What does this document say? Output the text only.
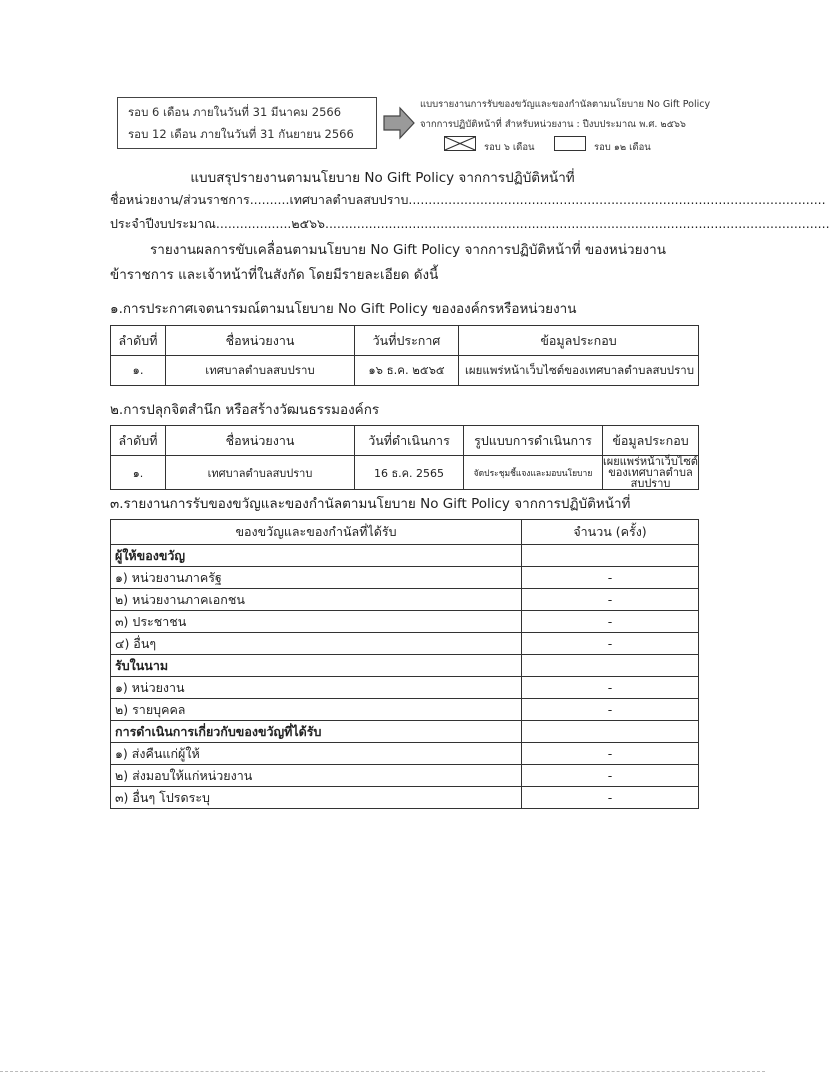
รอบ 6 เดือน ภายในวันที่ 31 มีนาคม 2566
รอบ 12 เดือน ภายในวันที่ 31 กันยายน 2566
แบบรายงานการรับของขวัญและของกำนัลตามนโยบาย No Gift Policy
จากการปฏิบัติหน้าที่ สำหรับหน่วยงาน : ปีงบประมาณ พ.ศ. ๒๕๖๖
รอบ ๖ เดือน	รอบ ๑๒ เดือน
แบบสรุปรายงานตามนโยบาย No Gift Policy จากการปฏิบัติหน้าที่
ชื่อหน่วยงาน/ส่วนราชการ..........เทศบาลตำบลสบปราบ.........................................................................................................
ประจำปีงบประมาณ...................๒๕๖๖...............................................................................................................................
รายงานผลการขับเคลื่อนตามนโยบาย No Gift Policy จากการปฏิบัติหน้าที่ ของหน่วยงาน ข้าราชการ และเจ้าหน้าที่ในสังกัด โดยมีรายละเอียด ดังนี้
๑.การประกาศเจตนารมณ์ตามนโยบาย No Gift Policy ขององค์กรหรือหน่วยงาน
ลำดับที่	ชื่อหน่วยงาน	วันที่ประกาศ	ข้อมูลประกอบ
๑.	เทศบาลตำบลสบปราบ	๑๖ ธ.ค. ๒๕๖๕	เผยแพร่หน้าเว็บไซต์ของเทศบาลตำบลสบปราบ
๒.การปลุกจิตสำนึก หรือสร้างวัฒนธรรมองค์กร
ลำดับที่	ชื่อหน่วยงาน	วันที่ดำเนินการ	รูปแบบการดำเนินการ	ข้อมูลประกอบ
๑.	เทศบาลตำบลสบปราบ	16 ธ.ค. 2565	จัดประชุมชี้แจงและมอบนโยบาย	เผยแพร่หน้าเว็บไซต์ ของเทศบาลตำบลสบปราบ
๓.รายงานการรับของขวัญและของกำนัลตามนโยบาย No Gift Policy จากการปฏิบัติหน้าที่
ของขวัญและของกำนัลที่ได้รับ	จำนวน (ครั้ง)
ผู้ให้ของขวัญ	
๑) หน่วยงานภาครัฐ	-
๒) หน่วยงานภาคเอกชน	-
๓) ประชาชน	-
๔) อื่นๆ	-
รับในนาม	
๑) หน่วยงาน	-
๒) รายบุคคล	-
การดำเนินการเกี่ยวกับของขวัญที่ได้รับ	
๑) ส่งคืนแก่ผู้ให้	-
๒) ส่งมอบให้แก่หน่วยงาน	-
๓) อื่นๆ โปรดระบุ	-
